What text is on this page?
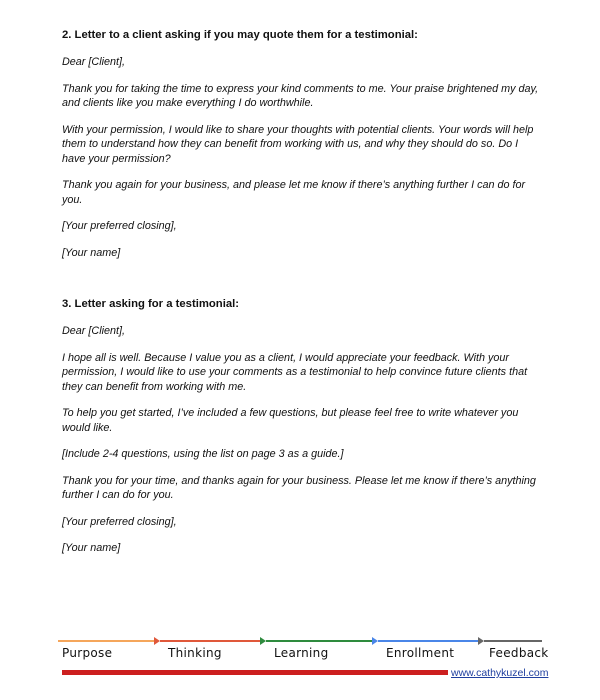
2. Letter to a client asking if you may quote them for a testimonial:

Dear [Client],

Thank you for taking the time to express your kind comments to me. Your praise brightened my day, and clients like you make everything I do worthwhile.

With your permission, I would like to share your thoughts with potential clients. Your words will help them to understand how they can benefit from working with us, and why they should do so. Do I have your permission?

Thank you again for your business, and please let me know if there’s anything further I can do for you.

[Your preferred closing],

[Your name]

3. Letter asking for a testimonial:

Dear [Client],

I hope all is well. Because I value you as a client, I would appreciate your feedback. With your permission, I would like to use your comments as a testimonial to help convince future clients that they can benefit from working with me.

To help you get started, I’ve included a few questions, but please feel free to write whatever you would like.

[Include 2-4 questions, using the list on page 3 as a guide.]

Thank you for your time, and thanks again for your business. Please let me know if there’s anything further I can do for you.

[Your preferred closing],

[Your name]

Purpose	Thinking	Learning	Enrollment	Feedback
www.cathykuzel.com
